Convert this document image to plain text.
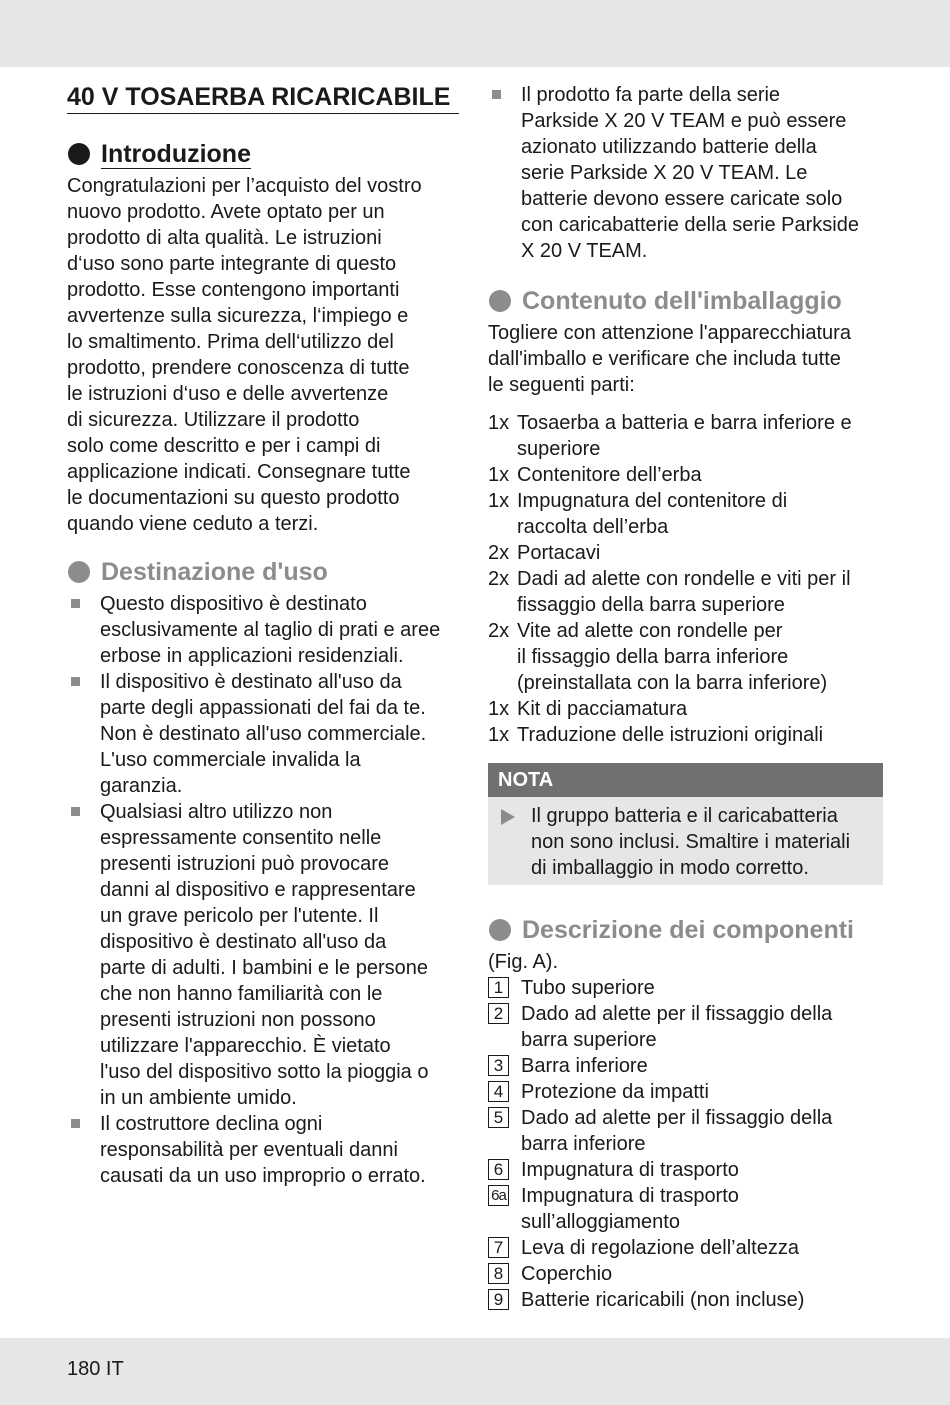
40 V TOSAERBA RICARICABILE
Introduzione
Congratulazioni per l’acquisto del vostro
nuovo prodotto. Avete optato per un
prodotto di alta qualità. Le istruzioni
d‘uso sono parte integrante di questo
prodotto. Esse contengono importanti
avvertenze sulla sicurezza, l‘impiego e
lo smaltimento. Prima dell‘utilizzo del
prodotto, prendere conoscenza di tutte
le istruzioni d‘uso e delle avvertenze
di sicurezza. Utilizzare il prodotto
solo come descritto e per i campi di
applicazione indicati. Consegnare tutte
le documentazioni su questo prodotto
quando viene ceduto a terzi.
Destinazione d'uso
Questo dispositivo è destinato
esclusivamente al taglio di prati e aree
erbose in applicazioni residenziali.
Il dispositivo è destinato all'uso da
parte degli appassionati del fai da te.
Non è destinato all'uso commerciale.
L'uso commerciale invalida la
garanzia.
Qualsiasi altro utilizzo non
espressamente consentito nelle
presenti istruzioni può provocare
danni al dispositivo e rappresentare
un grave pericolo per l'utente. Il
dispositivo è destinato all'uso da
parte di adulti. I bambini e le persone
che non hanno familiarità con le
presenti istruzioni non possono
utilizzare l'apparecchio. È vietato
l'uso del dispositivo sotto la pioggia o
in un ambiente umido.
Il costruttore declina ogni
responsabilità per eventuali danni
causati da un uso improprio o errato.
Il prodotto fa parte della serie
Parkside X 20 V TEAM e può essere
azionato utilizzando batterie della
serie Parkside X 20 V TEAM. Le
batterie devono essere caricate solo
con caricabatterie della serie Parkside
X 20 V TEAM.
Contenuto dell'imballaggio
Togliere con attenzione l'apparecchiatura
dall'imballo e verificare che includa tutte
le seguenti parti:
1x Tosaerba a batteria e barra inferiore e
superiore
1x Contenitore dell’erba
1x Impugnatura del contenitore di
raccolta dell’erba
2x Portacavi
2x Dadi ad alette con rondelle e viti per il
fissaggio della barra superiore
2x Vite ad alette con rondelle per
il fissaggio della barra inferiore
(preinstallata con la barra inferiore)
1x Kit di pacciamatura
1x Traduzione delle istruzioni originali
NOTA
Il gruppo batteria e il caricabatteria
non sono inclusi. Smaltire i materiali
di imballaggio in modo corretto.
Descrizione dei componenti
(Fig. A).
1 Tubo superiore
2 Dado ad alette per il fissaggio della
barra superiore
3 Barra inferiore
4 Protezione da impatti
5 Dado ad alette per il fissaggio della
barra inferiore
6 Impugnatura di trasporto
6a Impugnatura di trasporto
sull’alloggiamento
7 Leva di regolazione dell’altezza
8 Coperchio
9 Batterie ricaricabili (non incluse)
180 IT
